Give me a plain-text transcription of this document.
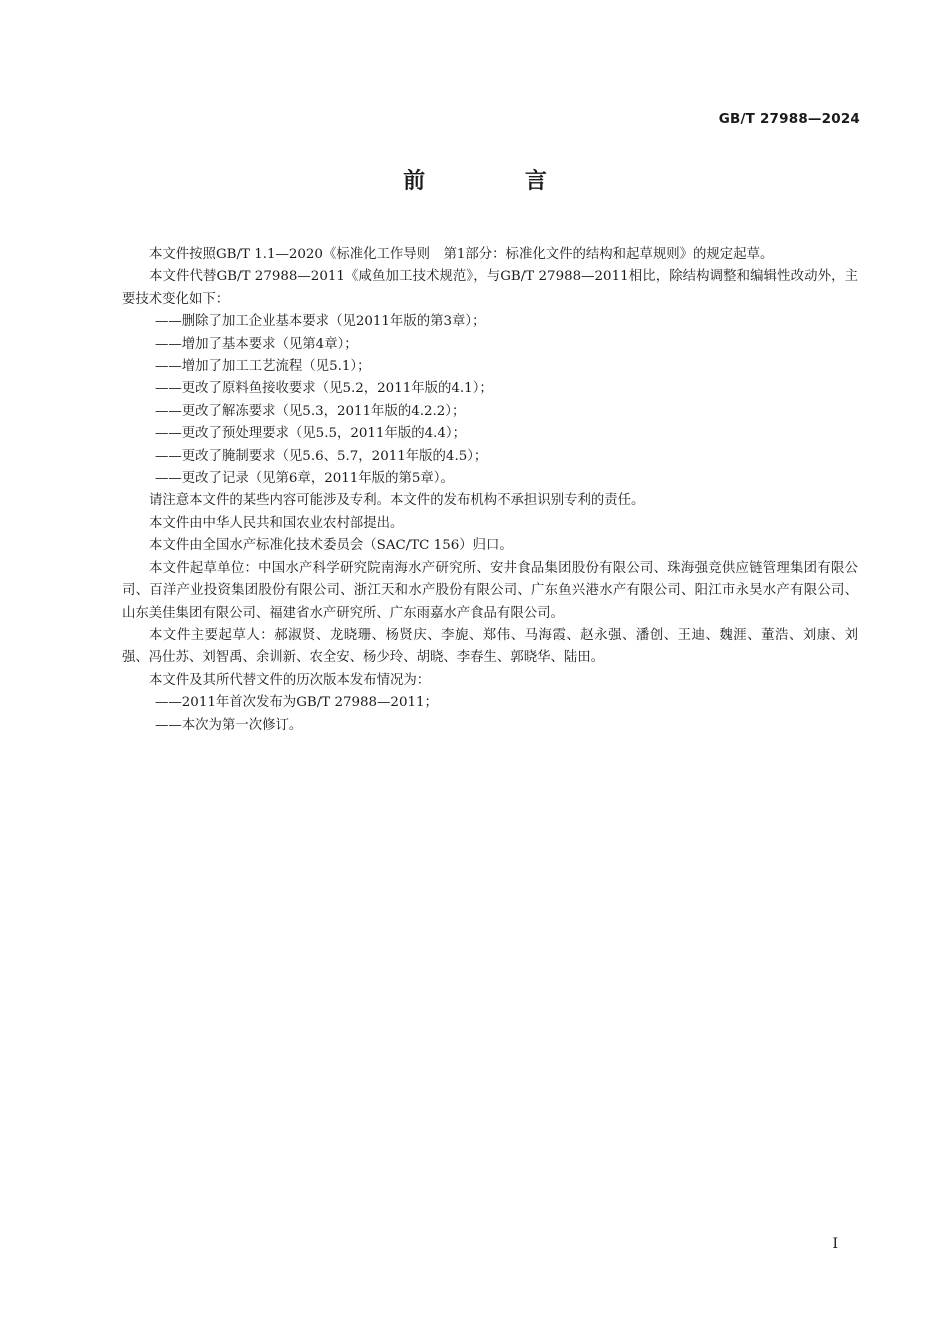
GB/T 27988—2024
前 言

本文件按照GB/T 1.1—2020《标准化工作导则　第1部分：标准化文件的结构和起草规则》的规定起草。

本文件代替GB/T 27988—2011《咸鱼加工技术规范》，与GB/T 27988—2011相比，除结构调整和编辑性改动外，主要技术变化如下：

——删除了加工企业基本要求（见2011年版的第3章）；

——增加了基本要求（见第4章）；

——增加了加工工艺流程（见5.1）；

——更改了原料鱼接收要求（见5.2，2011年版的4.1）；

——更改了解冻要求（见5.3，2011年版的4.2.2）；

——更改了预处理要求（见5.5，2011年版的4.4）；

——更改了腌制要求（见5.6、5.7，2011年版的4.5）；

——更改了记录（见第6章，2011年版的第5章）。

请注意本文件的某些内容可能涉及专利。本文件的发布机构不承担识别专利的责任。

本文件由中华人民共和国农业农村部提出。

本文件由全国水产标准化技术委员会（SAC/TC 156）归口。

本文件起草单位：中国水产科学研究院南海水产研究所、安井食品集团股份有限公司、珠海强竞供应链管理集团有限公司、百洋产业投资集团股份有限公司、浙江天和水产股份有限公司、广东鱼兴港水产有限公司、阳江市永昊水产有限公司、山东美佳集团有限公司、福建省水产研究所、广东雨嘉水产食品有限公司。

本文件主要起草人：郝淑贤、龙晓珊、杨贤庆、李旎、郑伟、马海霞、赵永强、潘创、王迪、魏涯、董浩、刘康、刘强、冯仕苏、刘智禹、余训新、农全安、杨少玲、胡晓、李春生、郭晓华、陆田。

本文件及其所代替文件的历次版本发布情况为：

——2011年首次发布为GB/T 27988—2011；

——本次为第一次修订。

I
